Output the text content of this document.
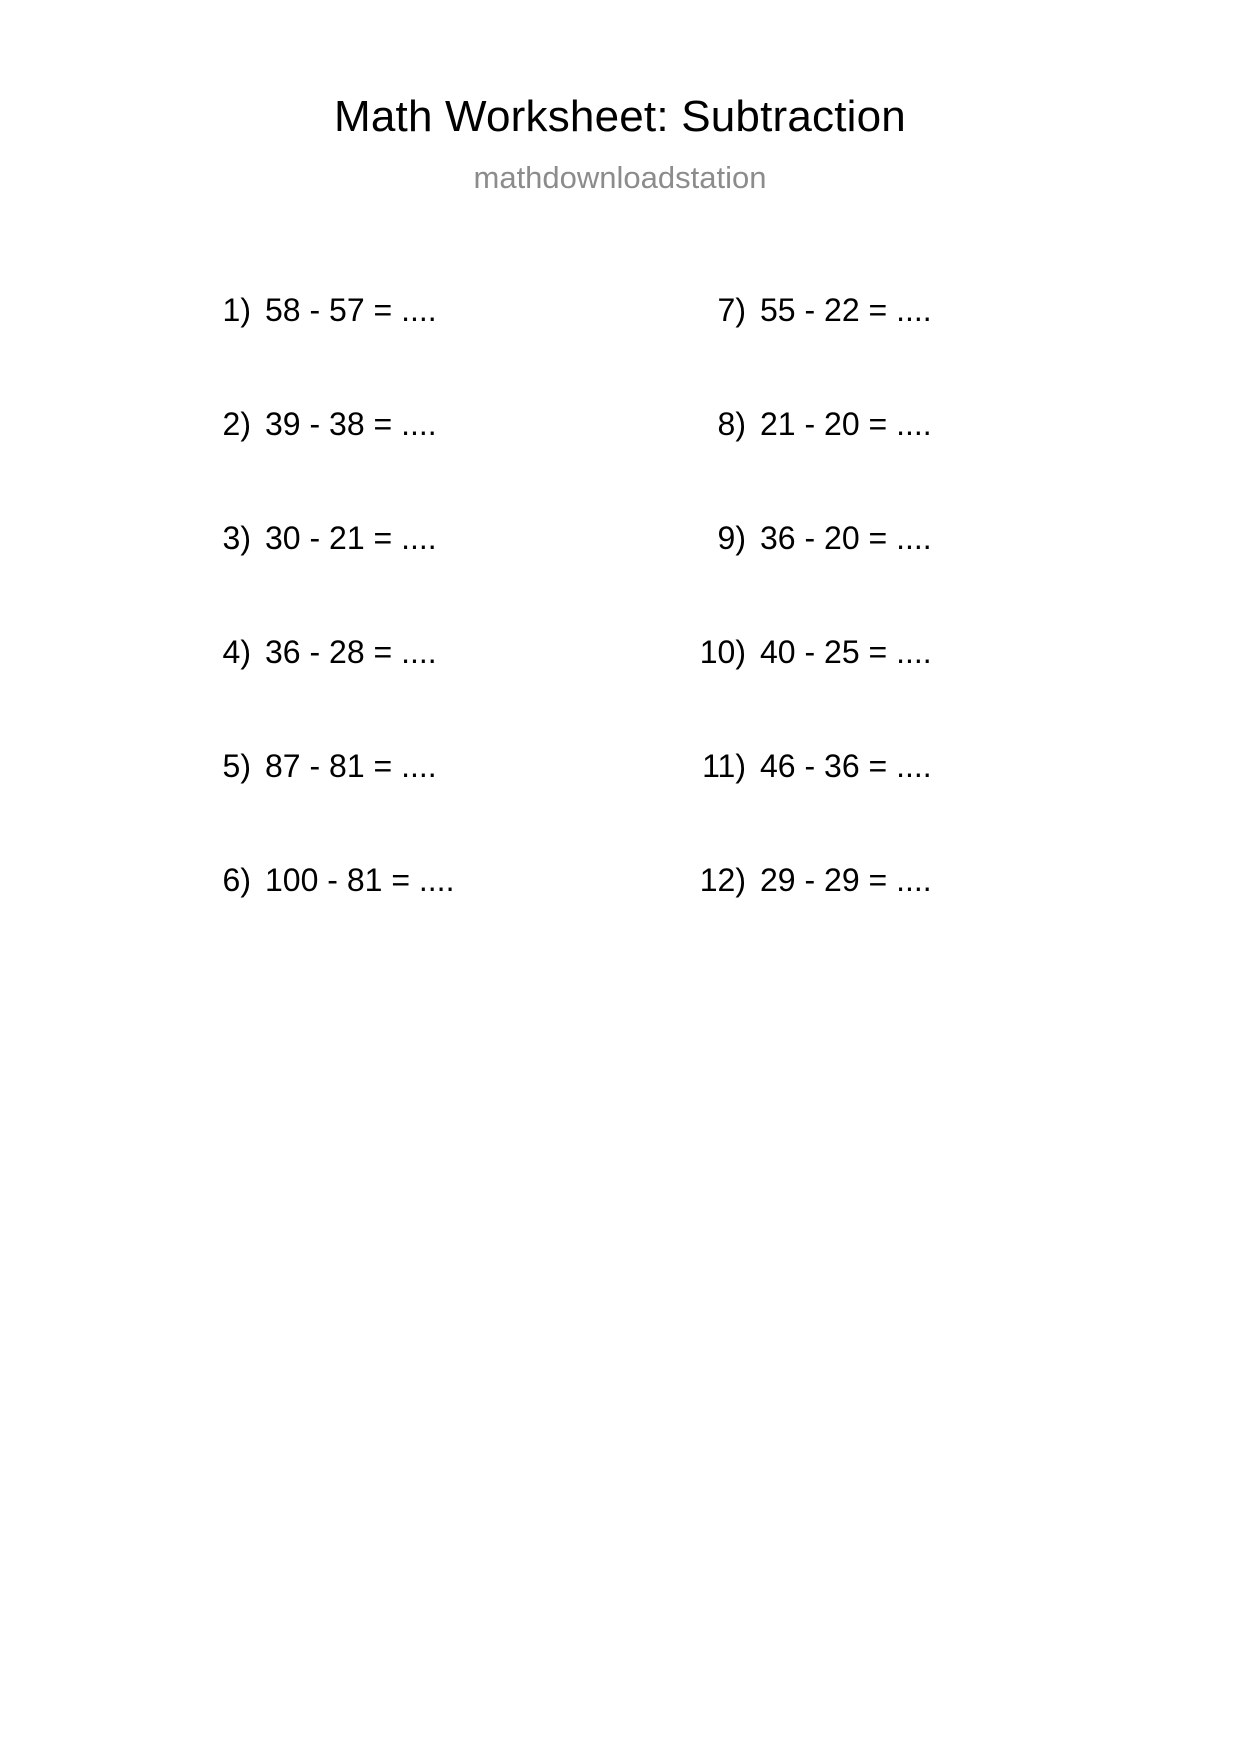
Math Worksheet: Subtraction
mathdownloadstation
1) 58 - 57 = ....
2) 39 - 38 = ....
3) 30 - 21 = ....
4) 36 - 28 = ....
5) 87 - 81 = ....
6) 100 - 81 = ....
7) 55 - 22 = ....
8) 21 - 20 = ....
9) 36 - 20 = ....
10) 40 - 25 = ....
11) 46 - 36 = ....
12) 29 - 29 = ....
